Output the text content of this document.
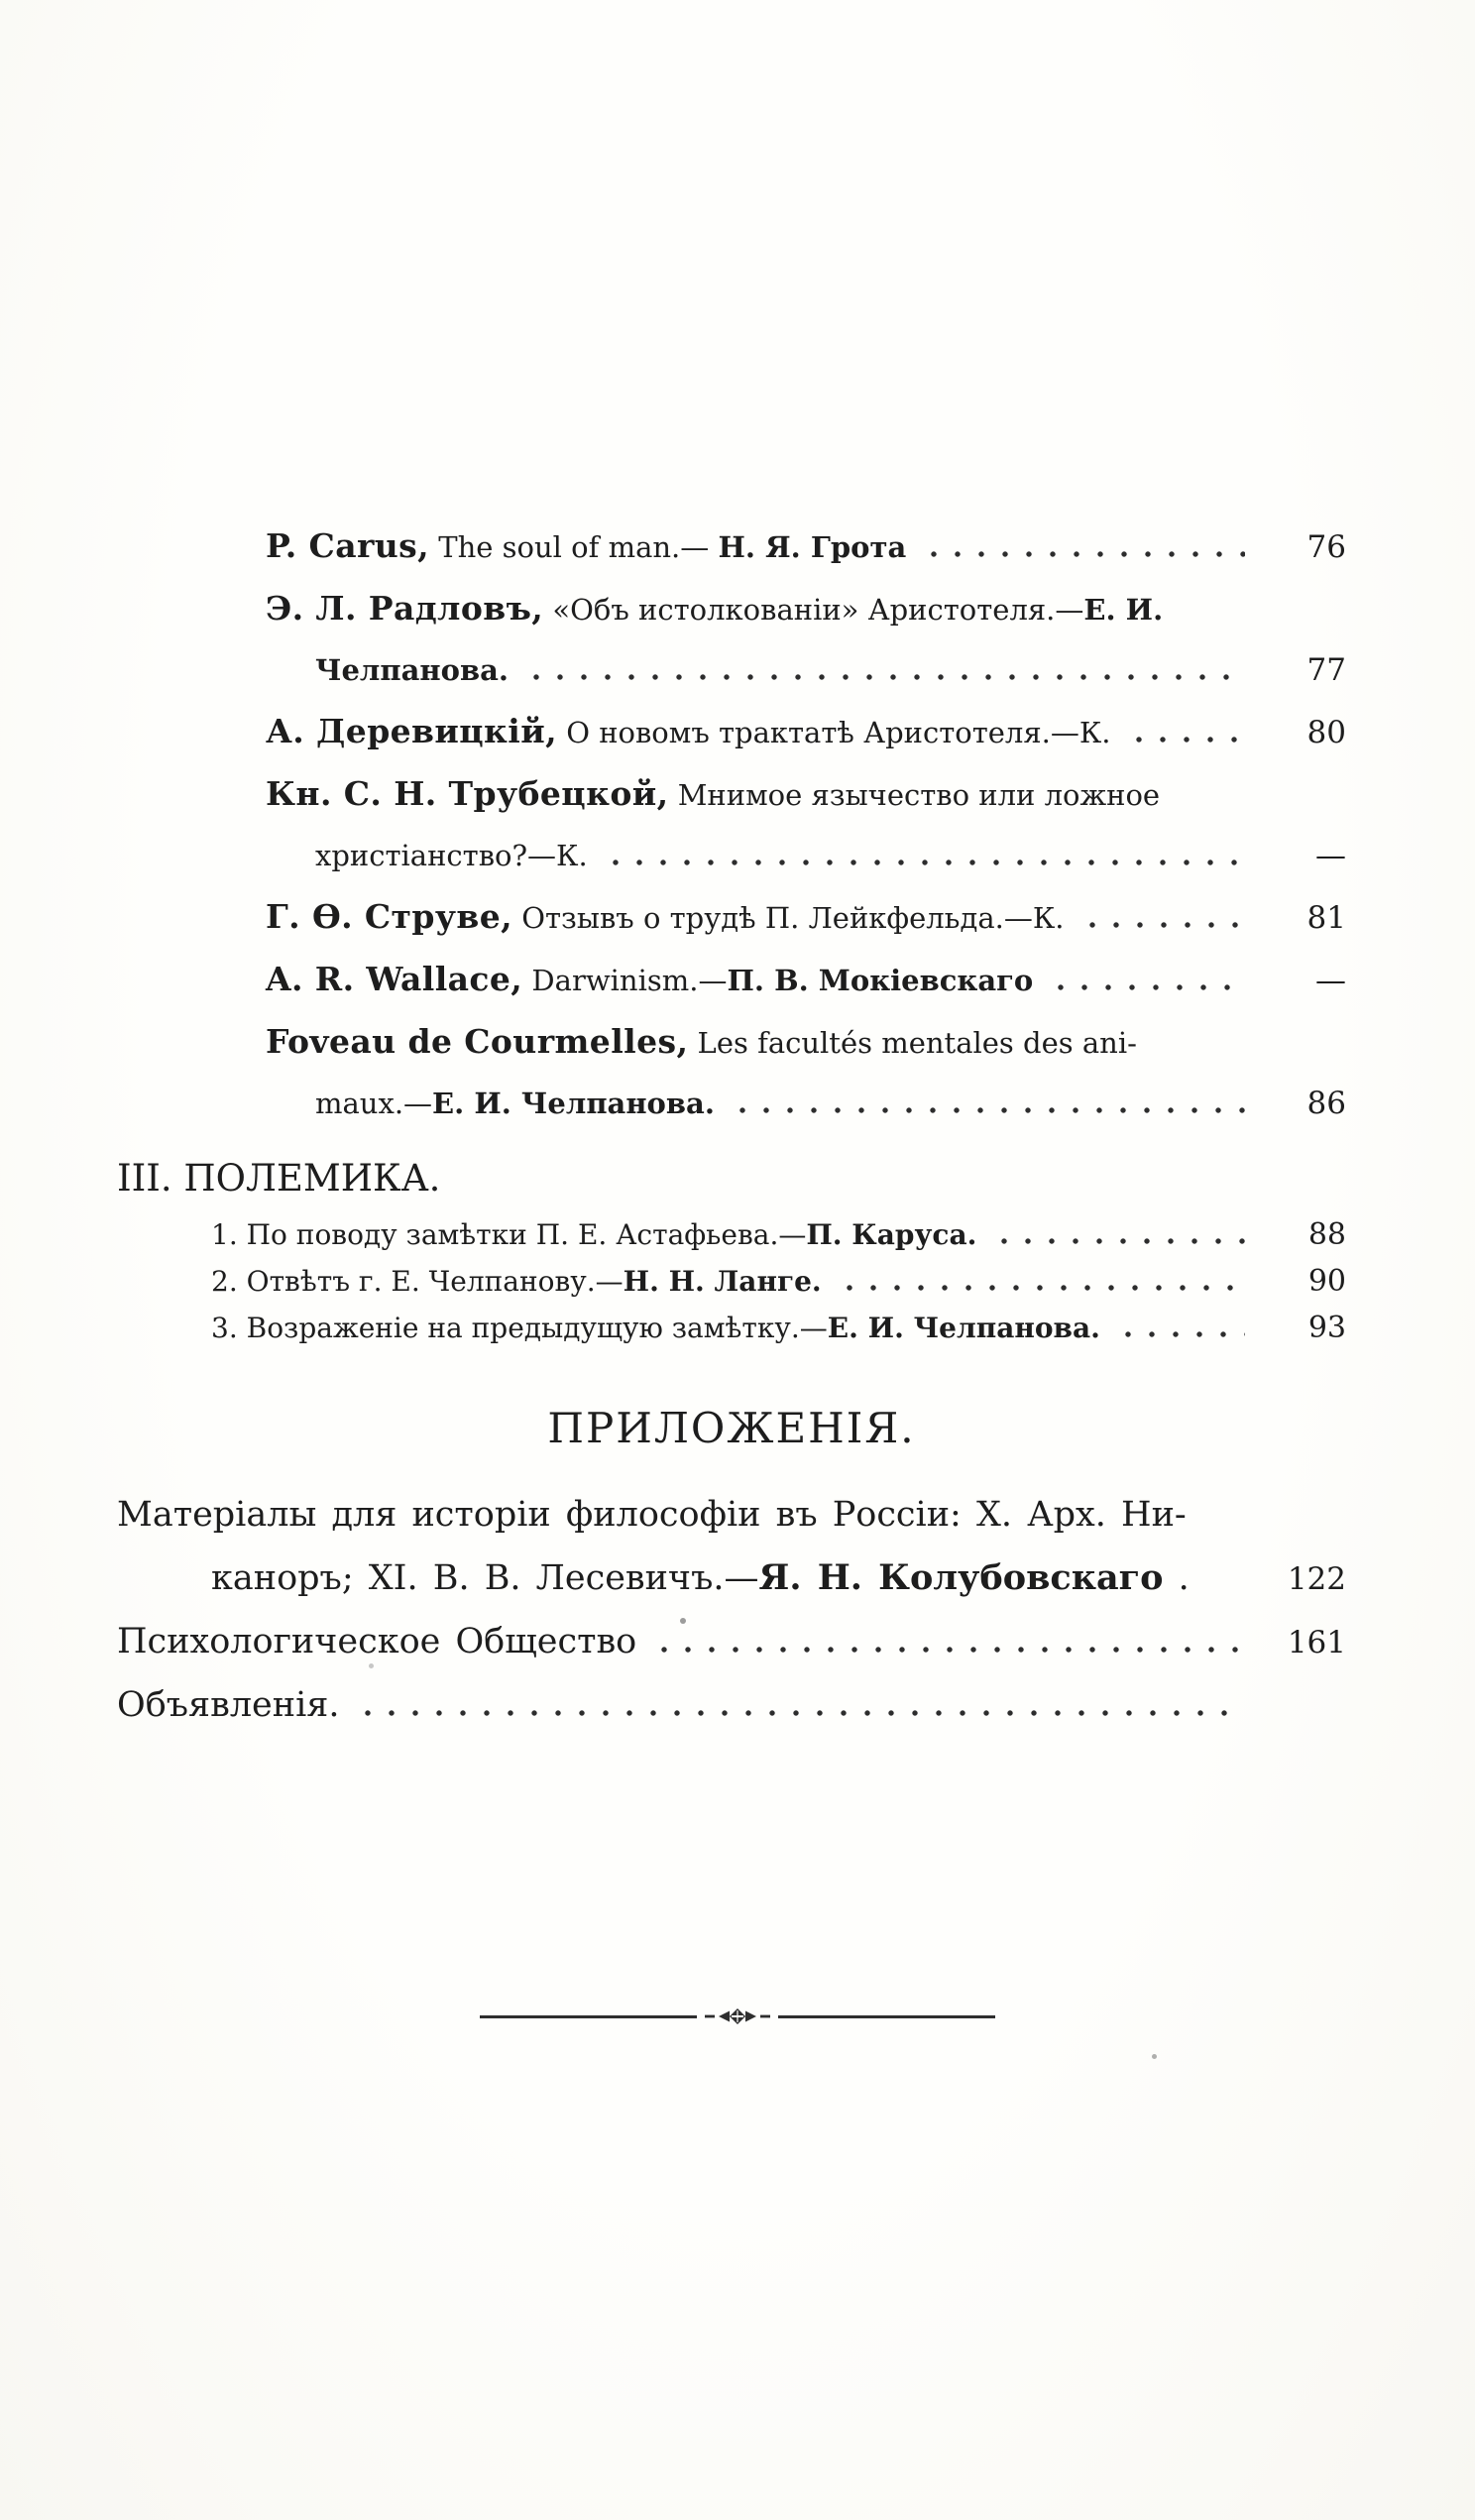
P. Carus, The soul of man.— Н. Я. Грота	76
Э. Л. Радловъ, «Объ истолкованіи» Аристотеля.—Е. И.
Челпанова.	77
А. Деревицкій, О новомъ трактатѣ Аристотеля.—К.	80
Кн. С. Н. Трубецкой, Мнимое язычество или ложное
христіанство?—К.	—
Г. Ѳ. Струве, Отзывъ о трудѣ П. Лейкфельда.—К.	81
A. R. Wallace, Darwinism.—П. В. Мокіевскаго	—
Foveau de Courmelles, Les facultés mentales des ani-
maux.—Е. И. Челпанова.	86
III. ПОЛЕМИКА.
1. По поводу замѣтки П. Е. Астафьева.—П. Каруса.	88
2. Отвѣтъ г. Е. Челпанову.—Н. Н. Ланге.	90
3. Возраженіе на предыдущую замѣтку.—Е. И. Челпанова.	93
ПРИЛОЖЕНІЯ.
Матеріалы для исторіи философіи въ Россіи: X. Арх. Ни-
каноръ; XI. В. В. Лесевичъ.—Я. Н. Колубовскаго .	122
Психологическое Общество	161
Объявленія.
